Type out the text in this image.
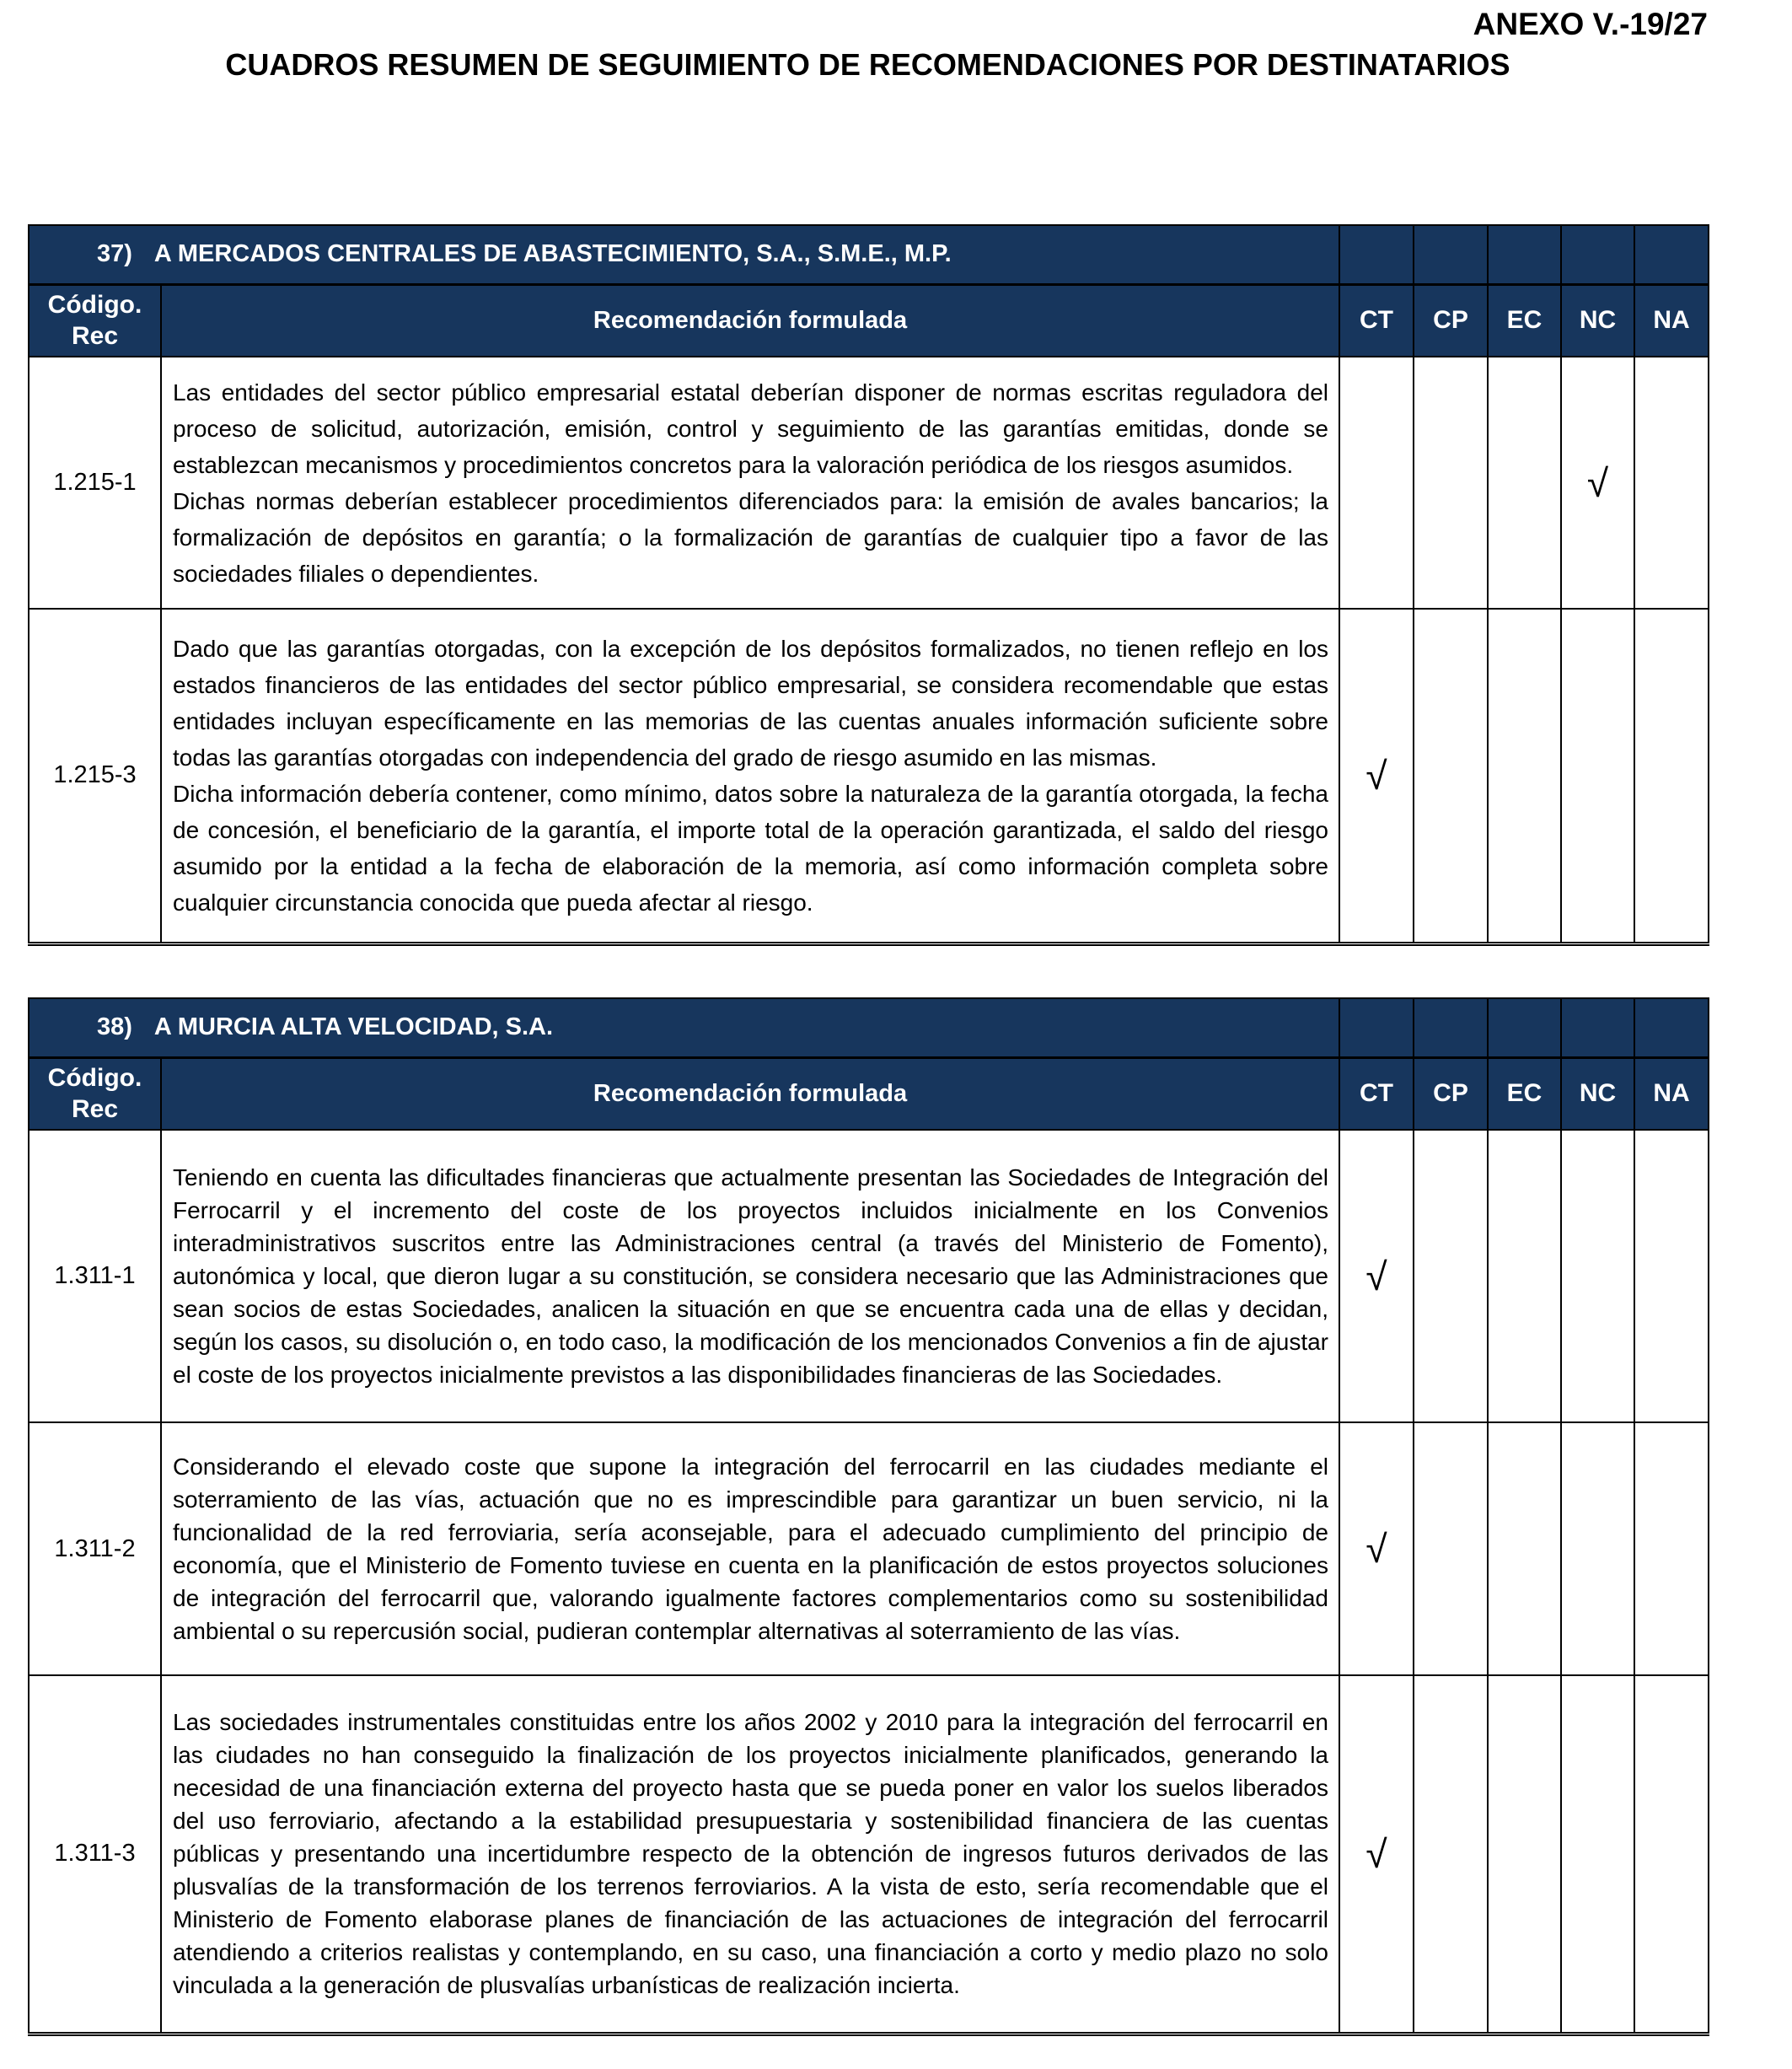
ANEXO V.-19/27
CUADROS RESUMEN DE SEGUIMIENTO DE RECOMENDACIONES POR DESTINATARIOS
37) A MERCADOS CENTRALES DE ABASTECIMIENTO, S.A., S.M.E., M.P.						

Código.
Rec	Recomendación formulada	CT	CP	EC	NC	NA
1.215-1	Las entidades del sector público empresarial estatal deberían disponer de normas escritas reguladora del proceso de solicitud, autorización, emisión, control y seguimiento de las garantías emitidas, donde se establezcan mecanismos y procedimientos concretos para la valoración periódica de los riesgos asumidos.

Dichas normas deberían establecer procedimientos diferenciados para: la emisión de avales bancarios; la formalización de depósitos en garantía; o la formalización de garantías de cualquier tipo a favor de las sociedades filiales o dependientes.				√	
1.215-3	Dado que las garantías otorgadas, con la excepción de los depósitos formalizados, no tienen reflejo en los estados financieros de las entidades del sector público empresarial, se considera recomendable que estas entidades incluyan específicamente en las memorias de las cuentas anuales información suficiente sobre todas las garantías otorgadas con independencia del grado de riesgo asumido en las mismas.

Dicha información debería contener, como mínimo, datos sobre la naturaleza de la garantía otorgada, la fecha de concesión, el beneficiario de la garantía, el importe total de la operación garantizada, el saldo del riesgo asumido por la entidad a la fecha de elaboración de la memoria, así como información completa sobre cualquier circunstancia conocida que pueda afectar al riesgo.	√				
38) A MURCIA ALTA VELOCIDAD, S.A.						

Código.
Rec	Recomendación formulada	CT	CP	EC	NC	NA
1.311-1	Teniendo en cuenta las dificultades financieras que actualmente presentan las Sociedades de Integración del Ferrocarril y el incremento del coste de los proyectos incluidos inicialmente en los Convenios interadministrativos suscritos entre las Administraciones central (a través del Ministerio de Fomento), autonómica y local, que dieron lugar a su constitución, se considera necesario que las Administraciones que sean socios de estas Sociedades, analicen la situación en que se encuentra cada una de ellas y decidan, según los casos, su disolución o, en todo caso, la modificación de los mencionados Convenios a fin de ajustar el coste de los proyectos inicialmente previstos a las disponibilidades financieras de las Sociedades.	√				
1.311-2	Considerando el elevado coste que supone la integración del ferrocarril en las ciudades mediante el soterramiento de las vías, actuación que no es imprescindible para garantizar un buen servicio, ni la funcionalidad de la red ferroviaria, sería aconsejable, para el adecuado cumplimiento del principio de economía, que el Ministerio de Fomento tuviese en cuenta en la planificación de estos proyectos soluciones de integración del ferrocarril que, valorando igualmente factores complementarios como su sostenibilidad ambiental o su repercusión social, pudieran contemplar alternativas al soterramiento de las vías.	√				
1.311-3	Las sociedades instrumentales constituidas entre los años 2002 y 2010 para la integración del ferrocarril en las ciudades no han conseguido la finalización de los proyectos inicialmente planificados, generando la necesidad de una financiación externa del proyecto hasta que se pueda poner en valor los suelos liberados del uso ferroviario, afectando a la estabilidad presupuestaria y sostenibilidad financiera de las cuentas públicas y presentando una incertidumbre respecto de la obtención de ingresos futuros derivados de las plusvalías de la transformación de los terrenos ferroviarios. A la vista de esto, sería recomendable que el Ministerio de Fomento elaborase planes de financiación de las actuaciones de integración del ferrocarril atendiendo a criterios realistas y contemplando, en su caso, una financiación a corto y medio plazo no solo vinculada a la generación de plusvalías urbanísticas de realización incierta.	√				
